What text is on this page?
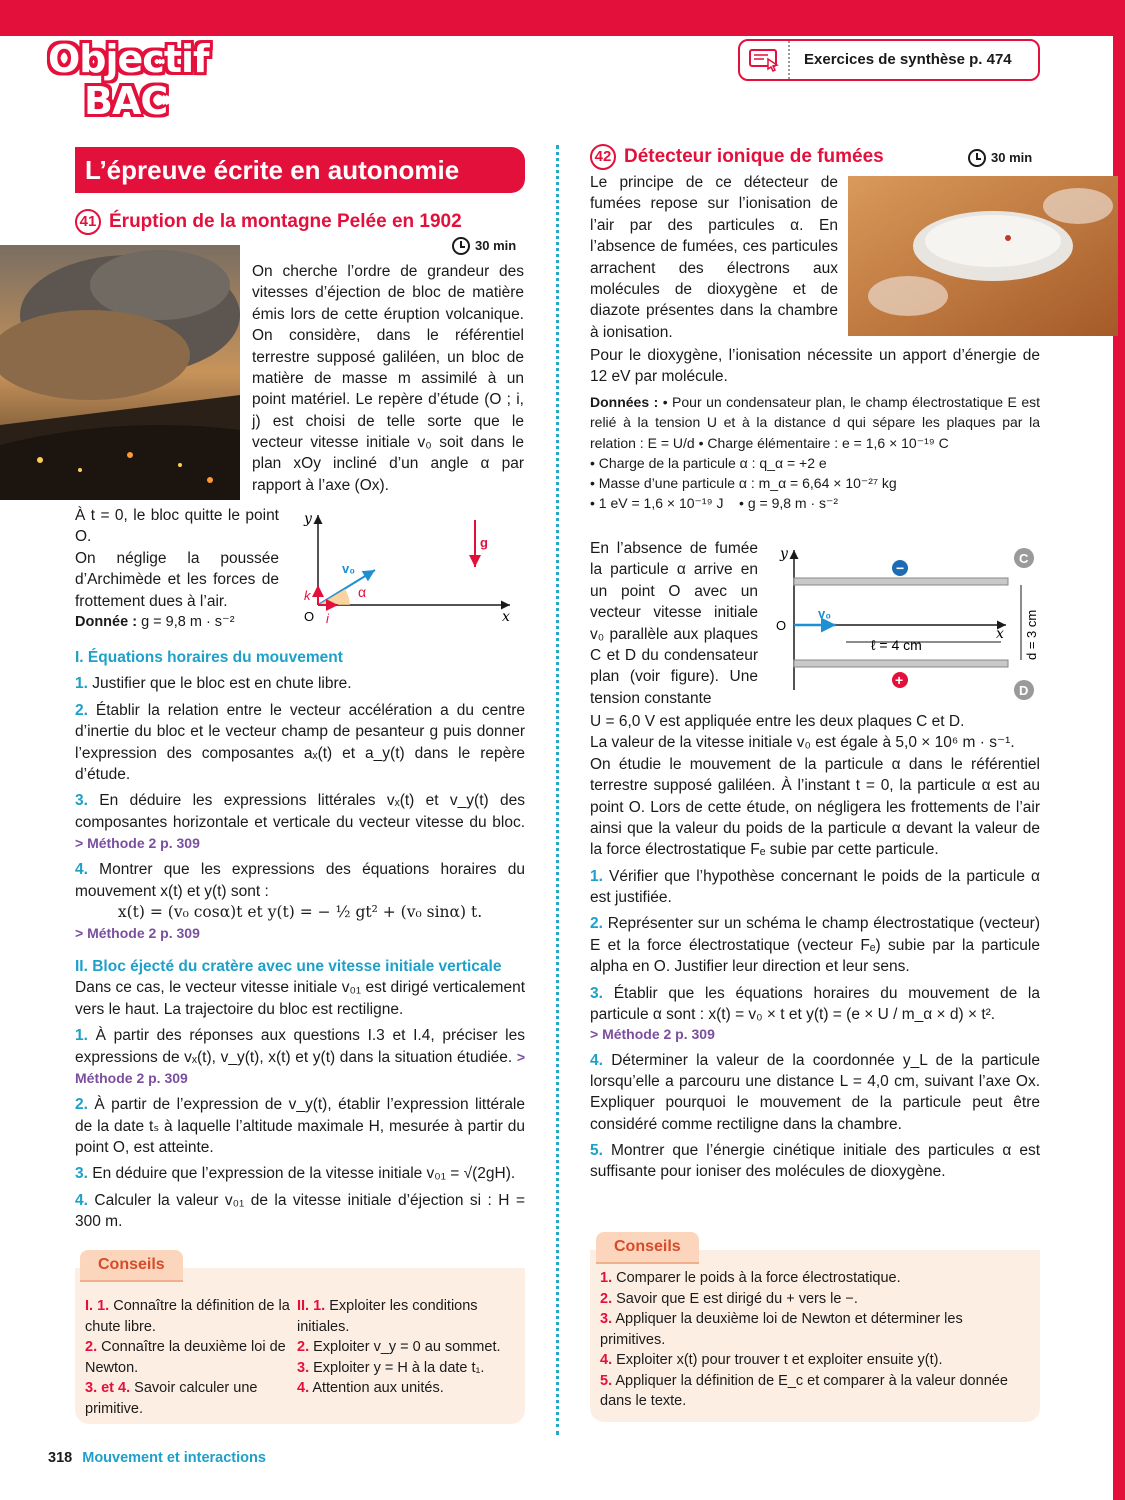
Objectif
BAC
Exercices de synthèse p. 474
L’épreuve écrite en autonomie
41 Éruption de la montagne Pelée en 1902
30 min

On cherche l’ordre de grandeur des vitesses d’éjection de bloc de matière émis lors de cette éruption volcanique. On considère, dans le référentiel terrestre supposé galiléen, un bloc de matière de masse m assimilé à un point matériel. Le repère d’étude (O ; i, j) est choisi de telle sorte que le vecteur vitesse initiale v₀ soit dans le plan xOy incliné d’un angle α par rapport à l’axe (Ox).

À t = 0, le bloc quitte le point O.

On néglige la poussée d’Archimède et les forces de frottement dues à l’air.

Donnée : g = 9,8 m · s⁻²

y
x
O
v₀
α
i
k
g

I. Équations horaires du mouvement

1. Justifier que le bloc est en chute libre.

2. Établir la relation entre le vecteur accélération a du centre d’inertie du bloc et le vecteur champ de pesanteur g puis donner l’expression des composantes aₓ(t) et a_y(t) dans le repère d’étude.

3. En déduire les expressions littérales vₓ(t) et v_y(t) des composantes horizontale et verticale du vecteur vitesse du bloc. > Méthode 2 p. 309

4. Montrer que les expressions des équations horaires du mouvement x(t) et y(t) sont :

x(t) = (v₀ cosα)t et y(t) = − ½ gt² + (v₀ sinα) t.

> Méthode 2 p. 309

II. Bloc éjecté du cratère avec une vitesse initiale verticale

Dans ce cas, le vecteur vitesse initiale v₀₁ est dirigé verticalement vers le haut. La trajectoire du bloc est rectiligne.

1. À partir des réponses aux questions I.3 et I.4, préciser les expressions de vₓ(t), v_y(t), x(t) et y(t) dans la situation étudiée. > Méthode 2 p. 309

2. À partir de l’expression de v_y(t), établir l’expression littérale de la date tₛ à laquelle l’altitude maximale H, mesurée à partir du point O, est atteinte.

3. En déduire que l’expression de la vitesse initiale v₀₁ = √(2gH).

4. Calculer la valeur v₀₁ de la vitesse initiale d’éjection si : H = 300 m.

I. 1. Connaître la définition de la chute libre.

2. Connaître la deuxième loi de Newton.

3. et 4. Savoir calculer une primitive.

II. 1. Exploiter les conditions initiales.

2. Exploiter v_y = 0 au sommet.

3. Exploiter y = H à la date t₁.

4. Attention aux unités.

Conseils
42 Détecteur ionique de fumées	30 min

Le principe de ce détecteur de fumées repose sur l’ionisation de l’air par des particules α. En l’absence de fumées, ces particules arrachent des électrons aux molécules de dioxygène et de diazote présentes dans la chambre à ionisation.

Pour le dioxygène, l’ionisation nécessite un apport d’énergie de 12 eV par molécule.

Données : • Pour un condensateur plan, le champ électrostatique E est relié à la tension U et à la distance d qui sépare les plaques par la relation : E = U/d • Charge élémentaire : e = 1,6 × 10⁻¹⁹ C

• Charge de la particule α : q_α = +2 e

• Masse d’une particule α : m_α = 6,64 × 10⁻²⁷ kg

• 1 eV = 1,6 × 10⁻¹⁹ J • g = 9,8 m · s⁻²

En l’absence de fumée la particule α arrive en un point O avec un vecteur vitesse initiale v₀ parallèle aux plaques C et D du condensateur plan (voir figure). Une tension constante

−
+
C
D
y
x
O
v₀
ℓ = 4 cm	d = 3 cm

U = 6,0 V est appliquée entre les deux plaques C et D.

La valeur de la vitesse initiale v₀ est égale à 5,0 × 10⁶ m · s⁻¹.

On étudie le mouvement de la particule α dans le référentiel terrestre supposé galiléen. À l’instant t = 0, la particule α est au point O. Lors de cette étude, on négligera les frottements de l’air ainsi que la valeur du poids de la particule α devant la valeur de la force électrostatique Fₑ subie par cette particule.

1. Vérifier que l’hypothèse concernant le poids de la particule α est justifiée.

2. Représenter sur un schéma le champ électrostatique (vecteur) E et la force électrostatique (vecteur Fₑ) subie par la particule alpha en O. Justifier leur direction et leur sens.

3. Établir que les équations horaires du mouvement de la particule α sont : x(t) = v₀ × t et y(t) = (e × U / m_α × d) × t².

> Méthode 2 p. 309

4. Déterminer la valeur de la coordonnée y_L de la particule lorsqu’elle a parcouru une distance L = 4,0 cm, suivant l’axe Ox. Expliquer pourquoi le mouvement de la particule peut être considéré comme rectiligne dans la chambre.

5. Montrer que l’énergie cinétique initiale des particules α est suffisante pour ioniser des molécules de dioxygène.

1. Comparer le poids à la force électrostatique.

2. Savoir que E est dirigé du + vers le −.

3. Appliquer la deuxième loi de Newton et déterminer les primitives.

4. Exploiter x(t) pour trouver t et exploiter ensuite y(t).

5. Appliquer la définition de E_c et comparer à la valeur donnée dans le texte.

Conseils
318 Mouvement et interactions
